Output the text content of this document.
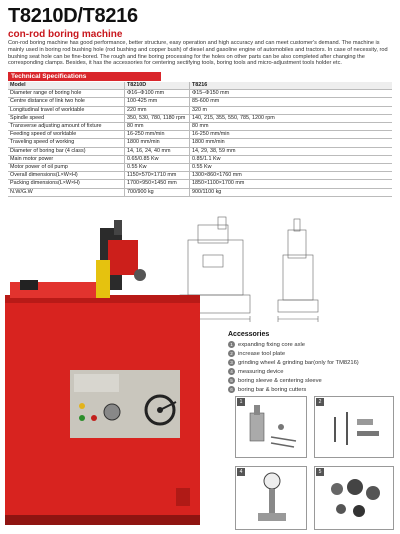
T8210D/T8216
con-rod boring machine
Con-rod boring machine has good performance, better structure, easy operation and high accuracy and can meet customer's demand. The machine is mainly used in boring rod bushing hole (rod bushing and copper bush) of diesel and gasoline engine of automobiles and tractors. In case of necessity, rod bushing seat hole can be fine-bored. The rough and fine boring processing for the holes on other parts can be also completed after changing the corresponding clamps. Besides, it has the accessories for centering sectifying tools, boring tools and micro-adjustment tools holder etc.
Technical Specifications
Model	T8210D	T8216
Diameter range of boring hole	Φ16–Φ100 mm	Φ15–Φ150 mm
Centre distance of link two hole	100-425 mm	85-600 mm
Longitudinal travel of worktable	220 mm	320 m
Spindle speed	350, 530, 780, 1180 rpm	140, 215, 355, 550, 785, 1200 rpm
Transverse adjusting amount of fixture	80 mm	80 mm
Feeding speed of worktable	16-250 mm/min	16-250 mm/min
Traveling speed of working	1800 mm/min	1800 mm/min
Diameter of boring bar (4 class)	14, 16, 24, 40 mm	14, 29, 38, 59 mm
Main motor power	0.65/0.85 Kw	0.85/1.1 Kw
Motor power of oil pump	0.55 Kw	0.55 Kw
Overall dimensions(L×W×H)	1150×570×1710 mm	1300×860×1760 mm
Packing dimensions(L×W×H)	1700×950×1450 mm	1850×1100×1700 mm
N.W/G.W	700/900 kg	900/1100 kg
Accessories
1 expanding fixing core axle
2 increase tool plate
3 grinding wheel & grinding bar(only for TM8216)
4 measuring device
5 boring sleeve & centering sleeve
6 boring bar & boring cutters
1	2
4	5
